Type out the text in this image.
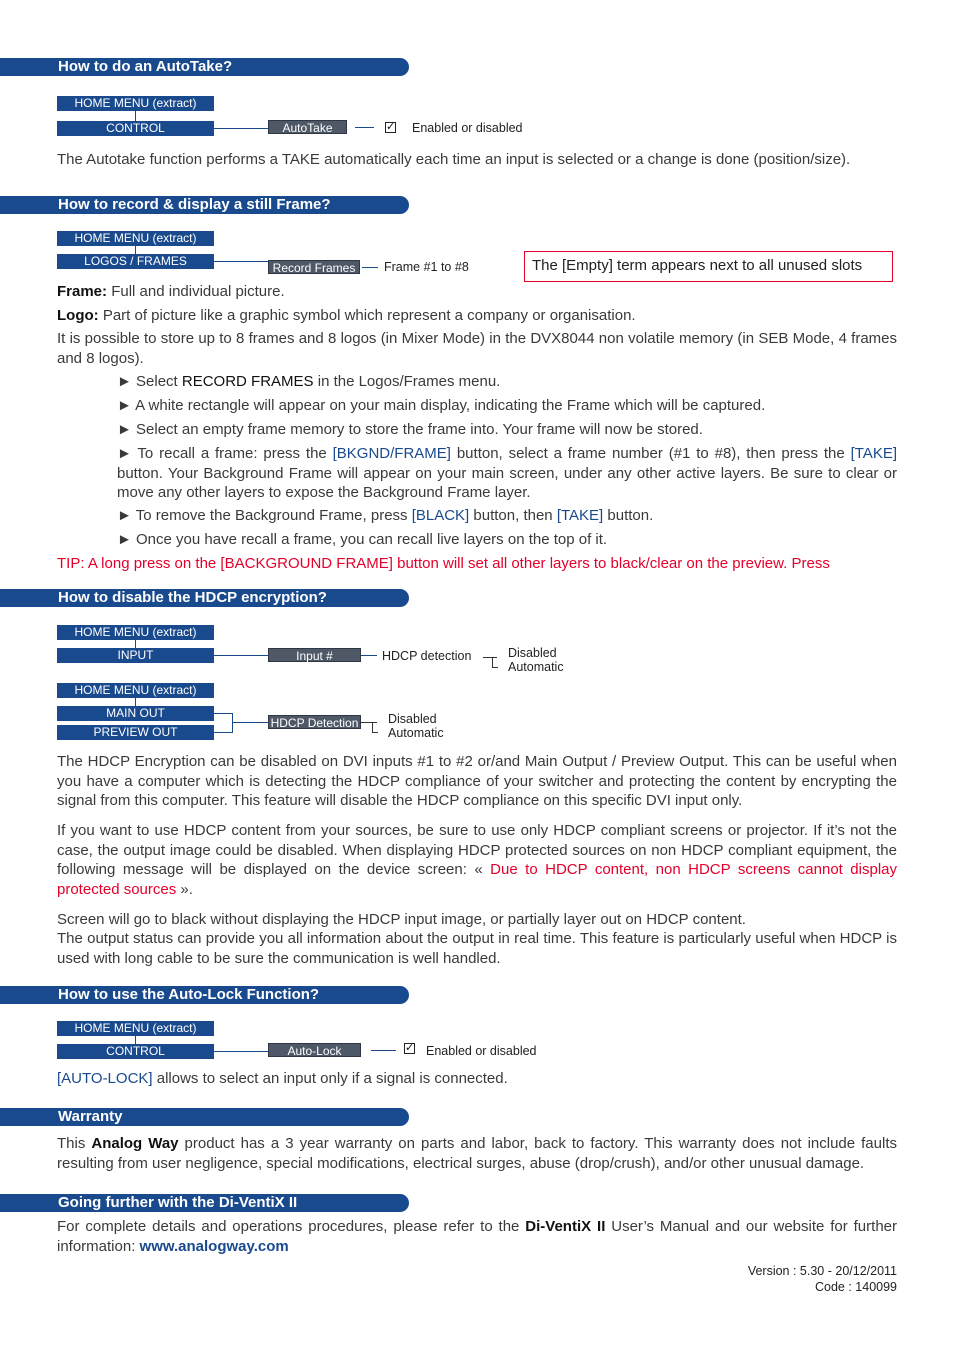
How to do an AutoTake?
HOME MENU (extract)
CONTROL	AutoTake	✓ Enabled or disabled

The Autotake function performs a TAKE automatically each time an input is selected or a change is done (position/size).

How to record & display a still Frame?
HOME MENU (extract)
LOGOS / FRAMES	Record Frames	Frame #1 to #8	The [Empty] term appears next to all unused slots

Frame: Full and individual picture.

Logo: Part of picture like a graphic symbol which represent a company or organisation.

It is possible to store up to 8 frames and 8 logos (in Mixer Mode) in the DVX8044 non volatile memory (in SEB Mode, 4 frames and 8 logos).

► Select RECORD FRAMES in the Logos/Frames menu.

► A white rectangle will appear on your main display, indicating the Frame which will be captured.

► Select an empty frame memory to store the frame into. Your frame will now be stored.

► To recall a frame: press the [BKGND/FRAME] button, select a frame number (#1 to #8), then press the [TAKE] button. Your Background Frame will appear on your main screen, under any other active layers. Be sure to clear or move any other layers to expose the Background Frame layer.

► To remove the Background Frame, press [BLACK] button, then [TAKE] button.

► Once you have recall a frame, you can recall live layers on the top of it.

TIP: A long press on the [BACKGROUND FRAME] button will set all other layers to black/clear on the preview. Press

How to disable the HDCP encryption?
HOME MENU (extract)
INPUT	Input #	HDCP detection	Disabled
Automatic
HOME MENU (extract)
MAIN OUT
PREVIEW OUT
HDCP Detection Disabled
Automatic

The HDCP Encryption can be disabled on DVI inputs #1 to #2 or/and Main Output / Preview Output. This can be useful when you have a computer which is detecting the HDCP compliance of your switcher and protecting the content by encrypting the signal from this computer. This feature will disable the HDCP compliance on this specific DVI input only.

If you want to use HDCP content from your sources, be sure to use only HDCP compliant screens or projector. If it’s not the case, the output image could be disabled. When displaying HDCP protected sources on non HDCP compliant equipment, the following message will be displayed on the device screen: « Due to HDCP content, non HDCP screens cannot display protected sources ».

Screen will go to black without displaying the HDCP input image, or partially layer out on HDCP content.

The output status can provide you all information about the output in real time. This feature is particularly useful when HDCP is used with long cable to be sure the communication is well handled.

How to use the Auto-Lock Function?
HOME MENU (extract)
CONTROL	Auto-Lock	✓ Enabled or disabled

[AUTO-LOCK] allows to select an input only if a signal is connected.

Warranty

This Analog Way product has a 3 year warranty on parts and labor, back to factory. This warranty does not include faults resulting from user negligence, special modifications, electrical surges, abuse (drop/crush), and/or other unusual damage.

Going further with the Di-VentiX II

For complete details and operations procedures, please refer to the Di-VentiX II User’s Manual and our website for further information: www.analogway.com

Version : 5.30 - 20/12/2011
Code : 140099
